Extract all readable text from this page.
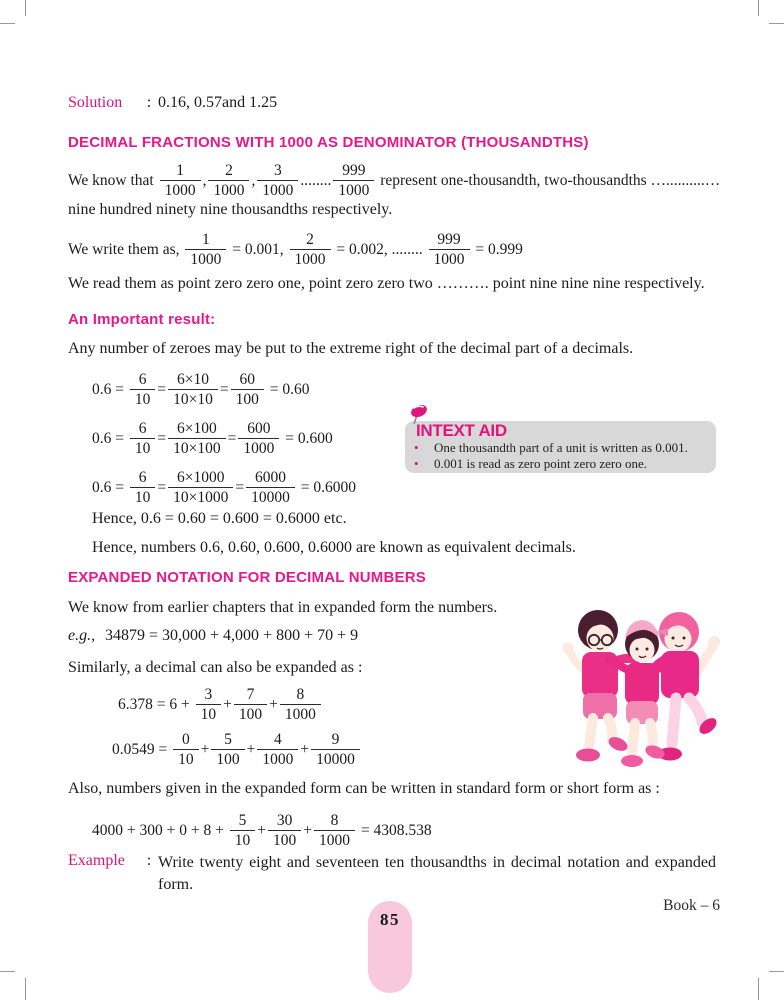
Solution	: 0.16, 0.57and 1.25
DECIMAL FRACTIONS WITH 1000 AS DENOMINATOR (THOUSANDTHS)
We know that $\frac{1}{1000}$ , $\frac{2}{1000}$ , $\frac{3}{1000}$ ........ $\frac{999}{1000}$ represent one-thousandth, two-thousandths …..........…
nine hundred ninety nine thousandths respectively.
We write them as, $\frac{1}{1000} = 0.001$, $\frac{2}{1000} = 0.002$, ........ $\frac{999}{1000} = 0.999$
We read them as point zero zero one, point zero zero two ………. point nine nine nine respectively.
An Important result:
Any number of zeroes may be put to the extreme right of the decimal part of a decimals.
$0.6 = \frac{6}{10} = \frac{6\times 10}{10\times 10} = \frac{60}{100} = 0.60$
$0.6 = \frac{6}{10} = \frac{6\times 100}{10\times 100} = \frac{600}{1000} = 0.600$
$0.6 = \frac{6}{10} = \frac{6\times 1000}{10\times 1000} = \frac{6000}{10000} = 0.6000$
INTEXT AID
•	One thousandth part of a unit is written as 0.001.
•	0.001 is read as zero point zero zero one.
Hence, 0.6 = 0.60 = 0.600 = 0.6000 etc.
Hence, numbers 0.6, 0.60, 0.600, 0.6000 are known as equivalent decimals.
EXPANDED NOTATION FOR DECIMAL NUMBERS
We know from earlier chapters that in expanded form the numbers.
e.g., 34879 = 30,000 + 4,000 + 800 + 70 + 9
Similarly, a decimal can also be expanded as :
$6.378 = 6 + \frac{3}{10} + \frac{7}{100} + \frac{8}{1000}$
$0.0549 = \frac{0}{10} + \frac{5}{100} + \frac{4}{1000} + \frac{9}{10000}$
Also, numbers given in the expanded form can be written in standard form or short form as :
$4000 + 300 + 0 + 8 + \frac{5}{10} + \frac{30}{100} + \frac{8}{1000} = 4308.538$
Example	: Write twenty eight and seventeen ten thousandths in decimal notation and expanded form.
85
Book – 6
